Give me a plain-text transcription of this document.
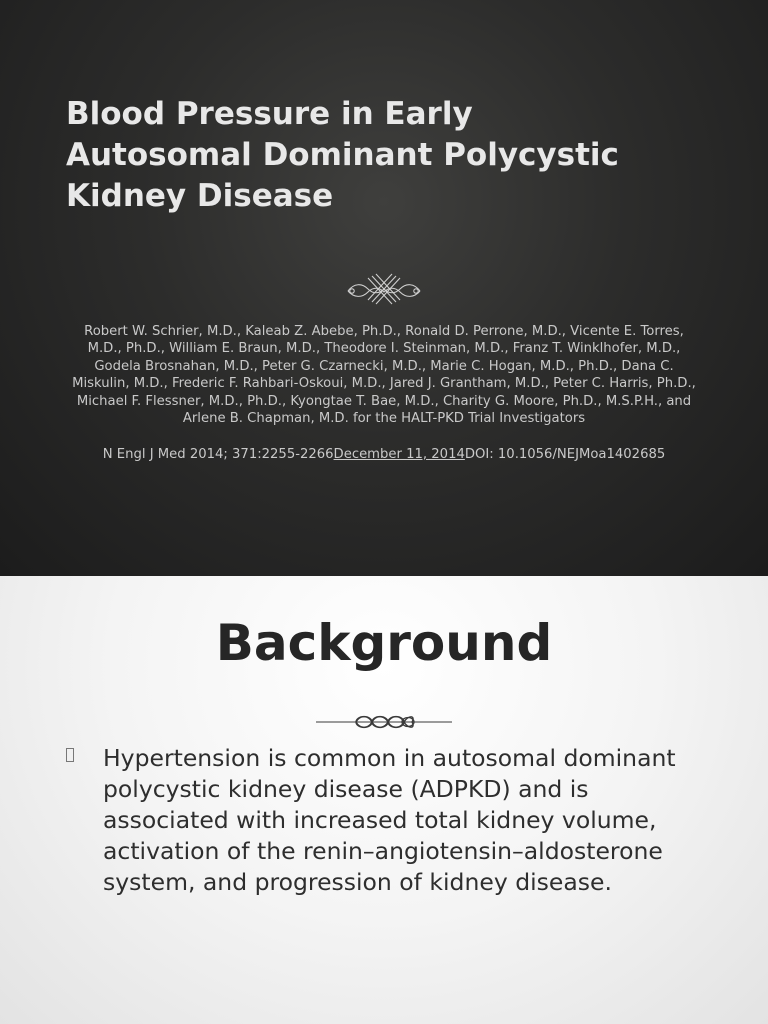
Blood Pressure in Early
Autosomal Dominant Polycystic
Kidney Disease

Robert W. Schrier, M.D., Kaleab Z. Abebe, Ph.D., Ronald D. Perrone, M.D., Vicente E. Torres, M.D., Ph.D., William E. Braun, M.D., Theodore I. Steinman, M.D., Franz T. Winklhofer, M.D., Godela Brosnahan, M.D., Peter G. Czarnecki, M.D., Marie C. Hogan, M.D., Ph.D., Dana C. Miskulin, M.D., Frederic F. Rahbari-Oskoui, M.D., Jared J. Grantham, M.D., Peter C. Harris, Ph.D., Michael F. Flessner, M.D., Ph.D., Kyongtae T. Bae, M.D., Charity G. Moore, Ph.D., M.S.P.H., and Arlene B. Chapman, M.D. for the HALT-PKD Trial Investigators

N Engl J Med 2014; 371:2255-2266December 11, 2014DOI: 10.1056/NEJMoa1402685

Background
Hypertension is common in autosomal dominant polycystic kidney disease (ADPKD) and is associated with increased total kidney volume, activation of the renin–angiotensin–aldosterone system, and progression of kidney disease.
